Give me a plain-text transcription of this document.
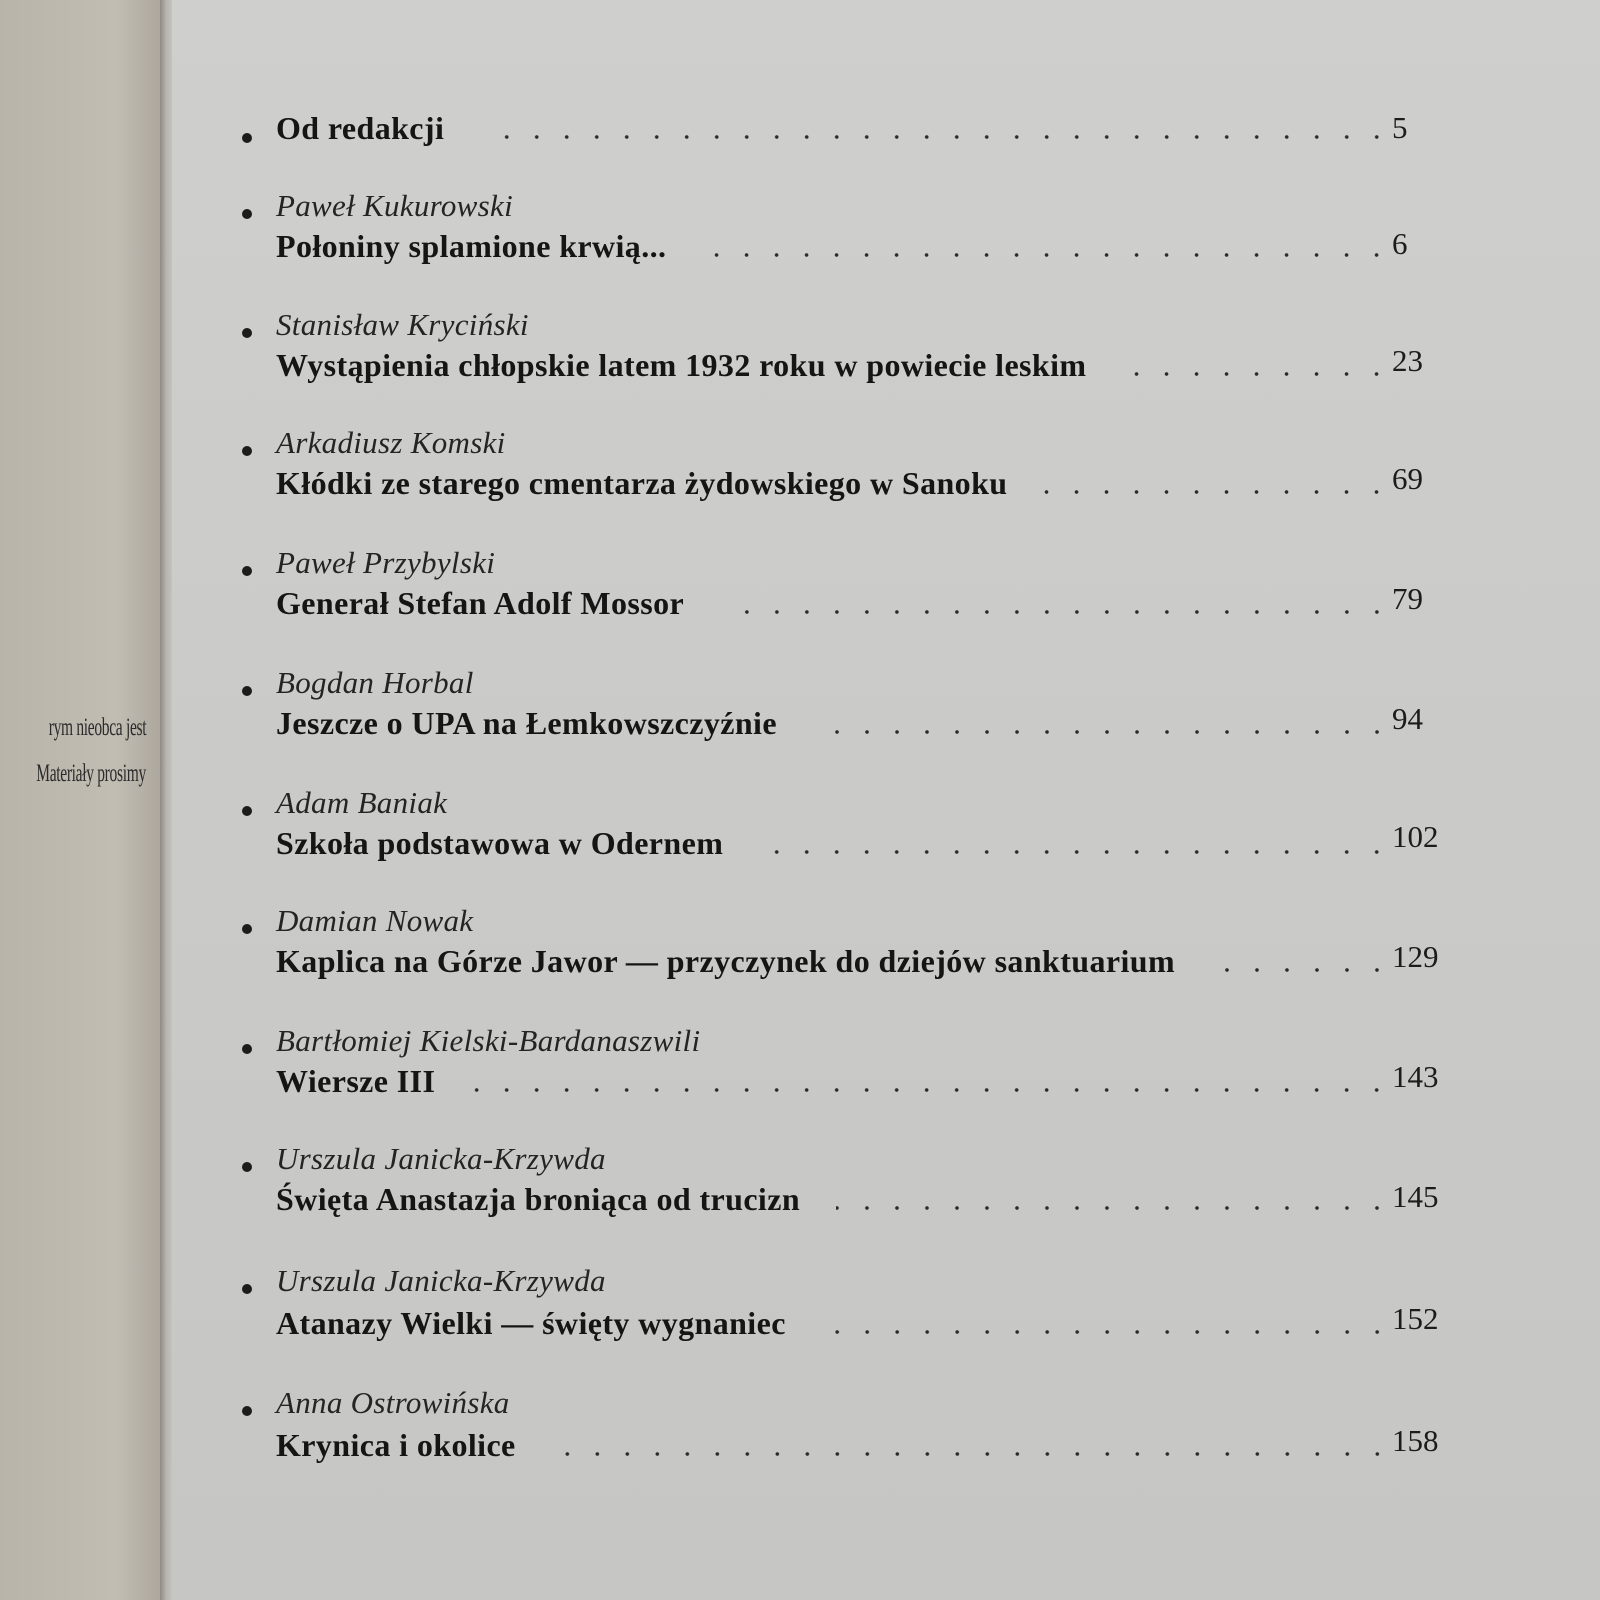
rym nieobca jest
Materiały prosimy
Od redakcji	5
Paweł Kukurowski
Połoniny splamione krwią...	6
Stanisław Kryciński
Wystąpienia chłopskie latem 1932 roku w powiecie leskim	23
Arkadiusz Komski
Kłódki ze starego cmentarza żydowskiego w Sanoku	69
Paweł Przybylski
Generał Stefan Adolf Mossor	79
Bogdan Horbal
Jeszcze o UPA na Łemkowszczyźnie	94
Adam Baniak
Szkoła podstawowa w Odernem	102
Damian Nowak
Kaplica na Górze Jawor — przyczynek do dziejów sanktuarium	129
Bartłomiej Kielski-Bardanaszwili
Wiersze III	143
Urszula Janicka-Krzywda
Święta Anastazja broniąca od trucizn	145
Urszula Janicka-Krzywda
Atanazy Wielki — święty wygnaniec	152
Anna Ostrowińska
Krynica i okolice	158
